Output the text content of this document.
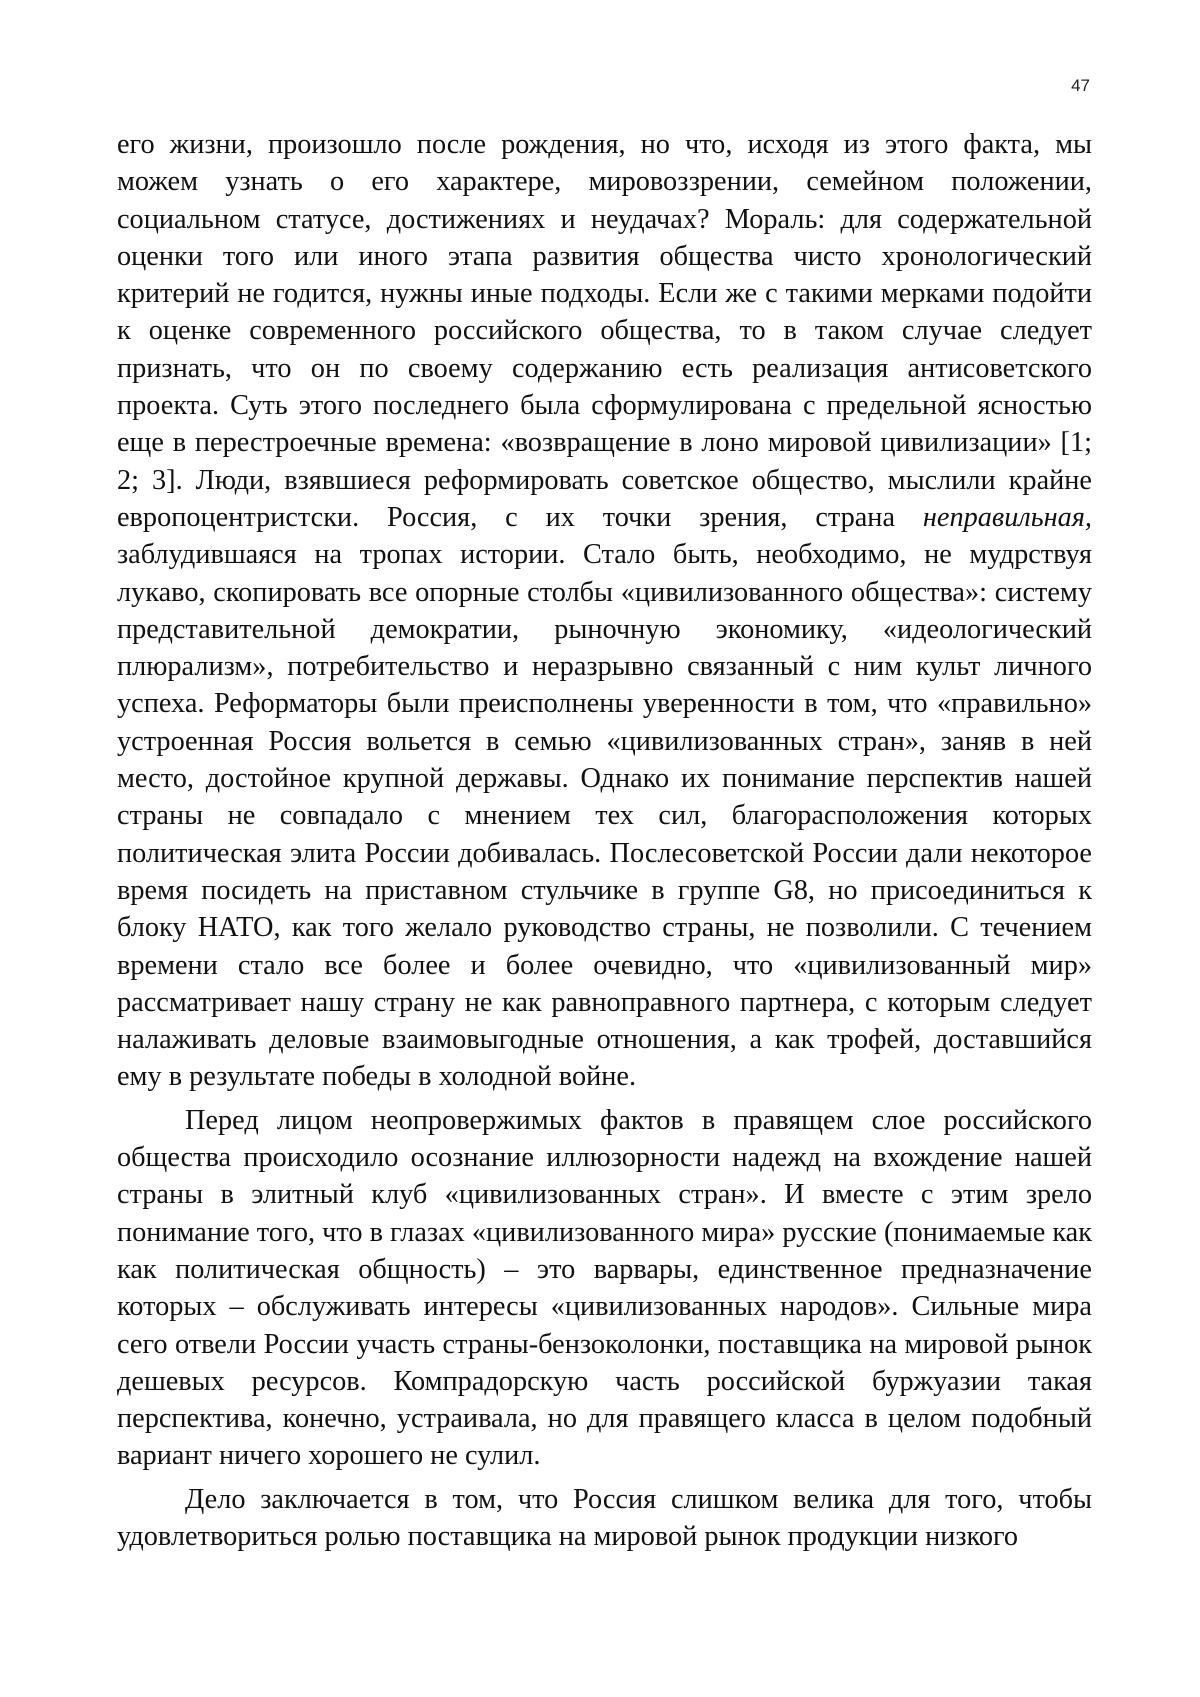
47

его жизни, произошло после рождения, но что, исходя из этого факта, мы можем узнать о его характере, мировоззрении, семейном положении, социальном статусе, достижениях и неудачах? Мораль: для содержательной оценки того или иного этапа развития общества чисто хронологический критерий не годится, нужны иные подходы. Если же с такими мерками подойти к оценке современного российского общества, то в таком случае следует признать, что он по своему содержанию есть реализация антисоветского проекта. Суть этого последнего была сформулирована с предельной ясностью еще в перестроечные времена: «возвращение в лоно мировой цивилизации» [1; 2; 3]. Люди, взявшиеся реформировать советское общество, мыслили крайне европоцентристски. Россия, с их точки зрения, страна неправильная, заблудившаяся на тропах истории. Стало быть, необходимо, не мудрствуя лукаво, скопировать все опорные столбы «цивилизованного общества»: систему представительной демократии, рыночную экономику, «идеологический плюрализм», потребительство и неразрывно связанный с ним культ личного успеха. Реформаторы были преисполнены уверенности в том, что «правильно» устроенная Россия вольется в семью «цивилизованных стран», заняв в ней место, достойное крупной державы. Однако их понимание перспектив нашей страны не совпадало с мнением тех сил, благорасположения которых политическая элита России добивалась. Послесоветской России дали некоторое время посидеть на приставном стульчике в группе G8, но присоединиться к блоку НАТО, как того желало руководство страны, не позволили. С течением времени стало все более и более очевидно, что «цивилизованный мир» рассматривает нашу страну не как равноправного партнера, с которым следует налаживать деловые взаимовыгодные отношения, а как трофей, доставшийся ему в результате победы в холодной войне.

Перед лицом неопровержимых фактов в правящем слое российского общества происходило осознание иллюзорности надежд на вхождение нашей страны в элитный клуб «цивилизованных стран». И вместе с этим зрело понимание того, что в глазах «цивилизованного мира» русские (понимаемые как как политическая общность) – это варвары, единственное предназначение которых – обслуживать интересы «цивилизованных народов». Сильные мира сего отвели России участь страны-бензоколонки, поставщика на мировой рынок дешевых ресурсов. Компрадорскую часть российской буржуазии такая перспектива, конечно, устраивала, но для правящего класса в целом подобный вариант ничего хорошего не сулил.

Дело заключается в том, что Россия слишком велика для того, чтобы удовлетвориться ролью поставщика на мировой рынок продукции низкого
